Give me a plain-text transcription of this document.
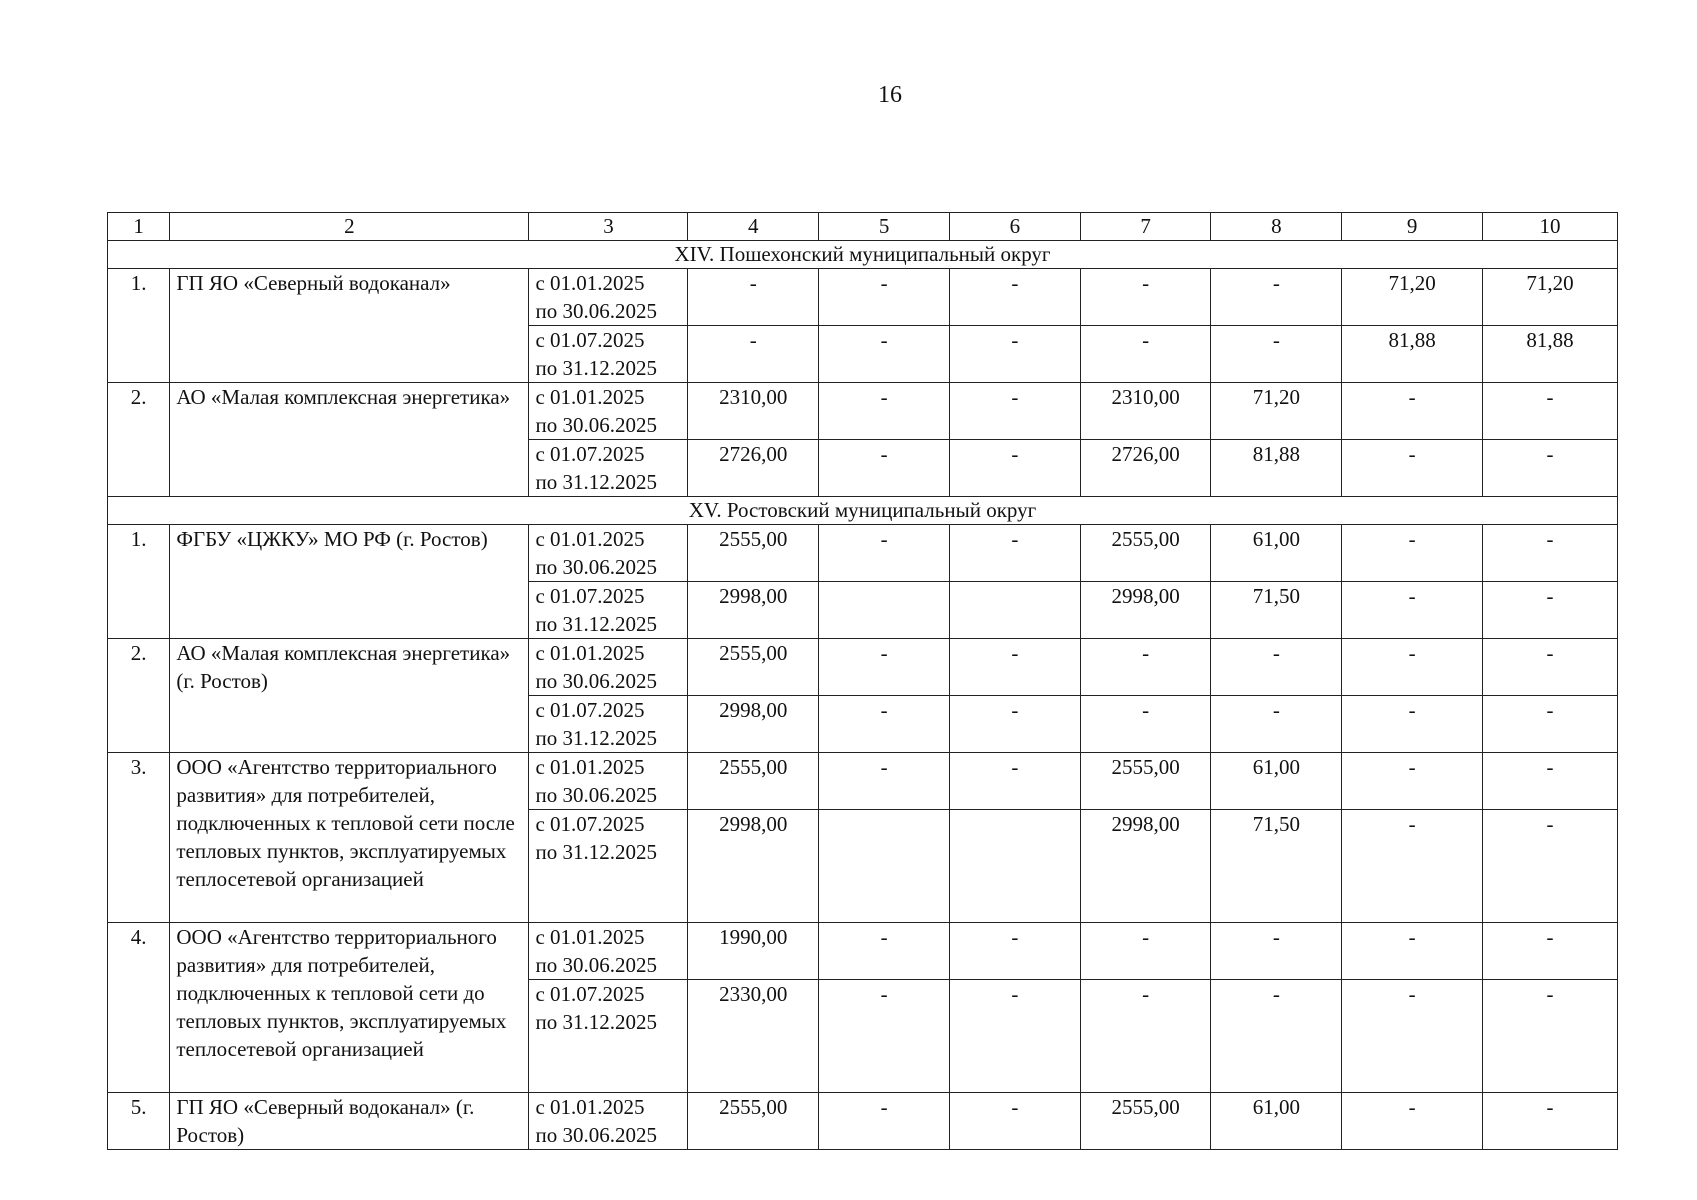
16
1	2	3	4	5	6	7	8	9	10
XIV. Пошехонский муниципальный округ									
1.	ГП ЯО «Северный водоканал»	с 01.01.2025
по 30.06.2025	-	-	-	-	-	71,20	71,20

		с 01.07.2025
по 31.12.2025	-	-	-	-	-	81,88	81,88
2.	АО «Малая комплексная энергетика»	с 01.01.2025
по 30.06.2025	2310,00	-	-	2310,00	71,20	-	-

		с 01.07.2025
по 31.12.2025	2726,00	-	-	2726,00	81,88	-	-
XV. Ростовский муниципальный округ									
1.	ФГБУ «ЦЖКУ» МО РФ (г. Ростов)	с 01.01.2025
по 30.06.2025	2555,00	-	-	2555,00	61,00	-	-

		с 01.07.2025
по 31.12.2025	2998,00			2998,00	71,50	-	-
2.	АО «Малая комплексная энергетика» (г. Ростов)	с 01.01.2025
по 30.06.2025	2555,00	-	-	-	-	-	-

		с 01.07.2025
по 31.12.2025	2998,00	-	-	-	-	-	-
3.	ООО «Агентство территориального развития» для потребителей, подключенных к тепловой сети после тепловых пунктов, эксплуатируемых теплосетевой организацией	с 01.01.2025
по 30.06.2025	2555,00	-	-	2555,00	61,00	-	-

		с 01.07.2025
по 31.12.2025	2998,00			2998,00	71,50	-	-
4.	ООО «Агентство территориального развития» для потребителей, подключенных к тепловой сети до тепловых пунктов, эксплуатируемых теплосетевой организацией	с 01.01.2025
по 30.06.2025	1990,00	-	-	-	-	-	-

		с 01.07.2025
по 31.12.2025	2330,00	-	-	-	-	-	-
5.	ГП ЯО «Северный водоканал» (г. Ростов)	с 01.01.2025
по 30.06.2025	2555,00	-	-	2555,00	61,00	-	-
